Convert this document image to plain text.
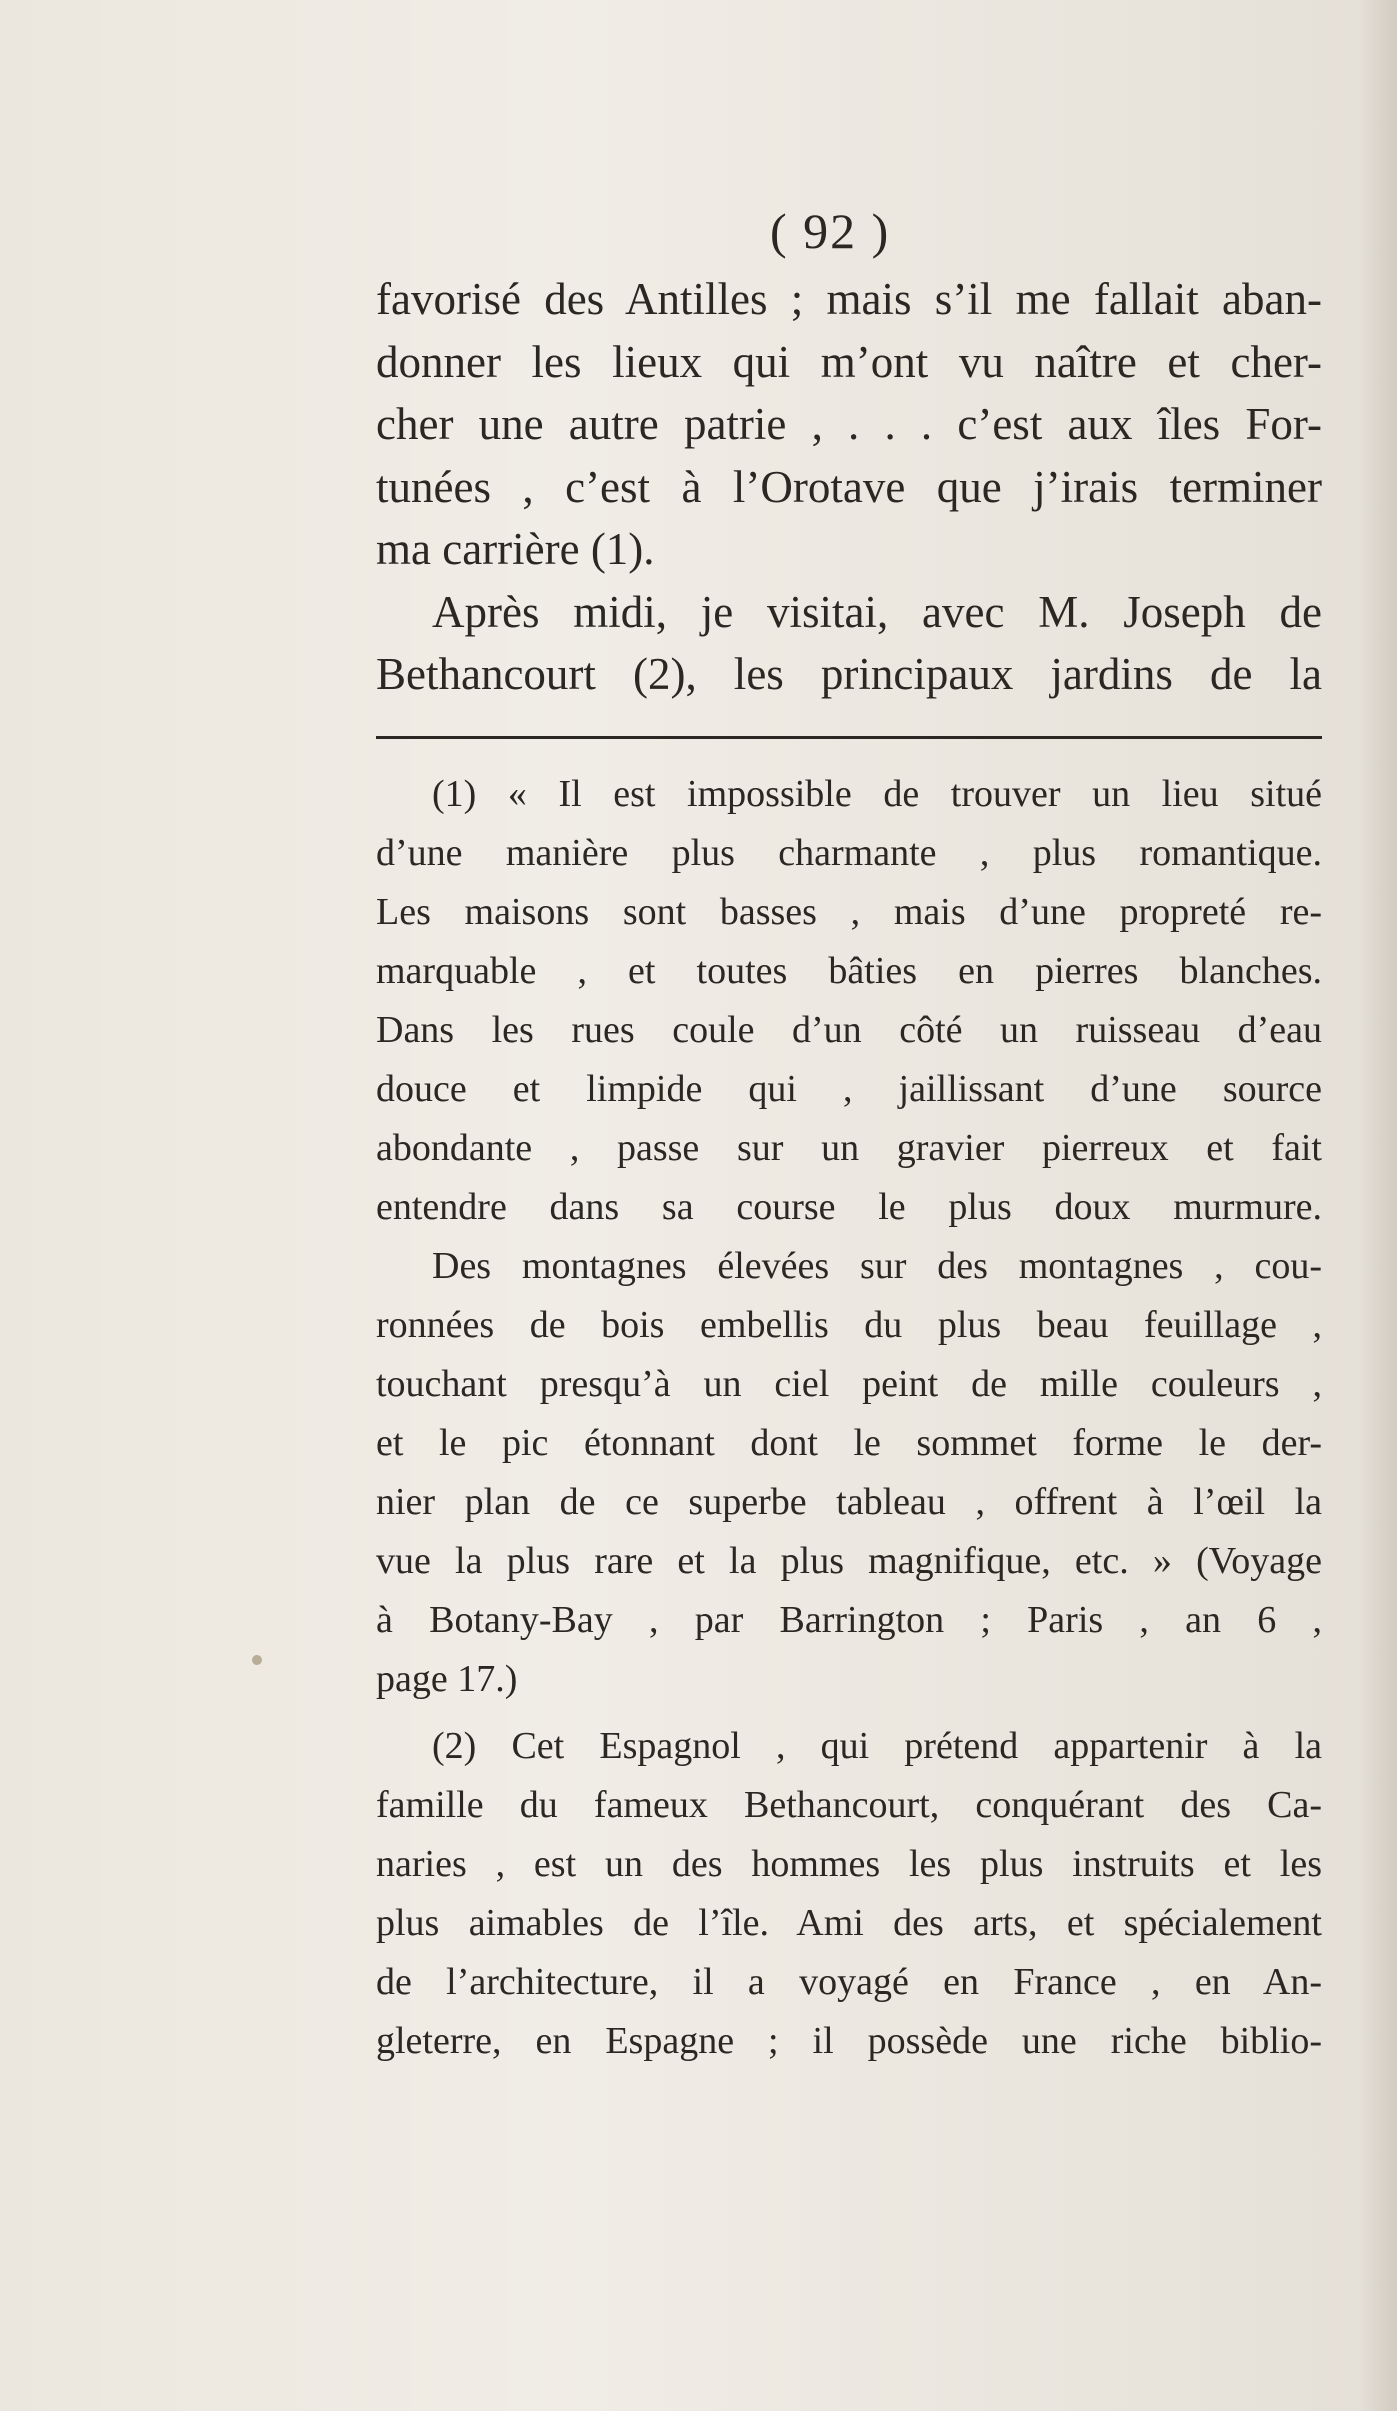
( 92 )
favorisé des Antilles ; mais s’il me fallait aban-
donner les lieux qui m’ont vu naître et cher-
cher une autre patrie , . . . c’est aux îles For-
tunées , c’est à l’Orotave que j’irais terminer
ma carrière (1).
Après midi, je visitai, avec M. Joseph de
Bethancourt (2), les principaux jardins de la
(1) « Il est impossible de trouver un lieu situé
d’une manière plus charmante , plus romantique.
Les maisons sont basses , mais d’une propreté re-
marquable , et toutes bâties en pierres blanches.
Dans les rues coule d’un côté un ruisseau d’eau
douce et limpide qui , jaillissant d’une source
abondante , passe sur un gravier pierreux et fait
entendre dans sa course le plus doux murmure.
Des montagnes élevées sur des montagnes , cou-
ronnées de bois embellis du plus beau feuillage ,
touchant presqu’à un ciel peint de mille couleurs ,
et le pic étonnant dont le sommet forme le der-
nier plan de ce superbe tableau , offrent à l’œil la
vue la plus rare et la plus magnifique, etc. » (Voyage
à Botany-Bay , par Barrington ; Paris , an 6 ,
page 17.)
(2) Cet Espagnol , qui prétend appartenir à la
famille du fameux Bethancourt, conquérant des Ca-
naries , est un des hommes les plus instruits et les
plus aimables de l’île. Ami des arts, et spécialement
de l’architecture, il a voyagé en France , en An-
gleterre, en Espagne ; il possède une riche biblio-
